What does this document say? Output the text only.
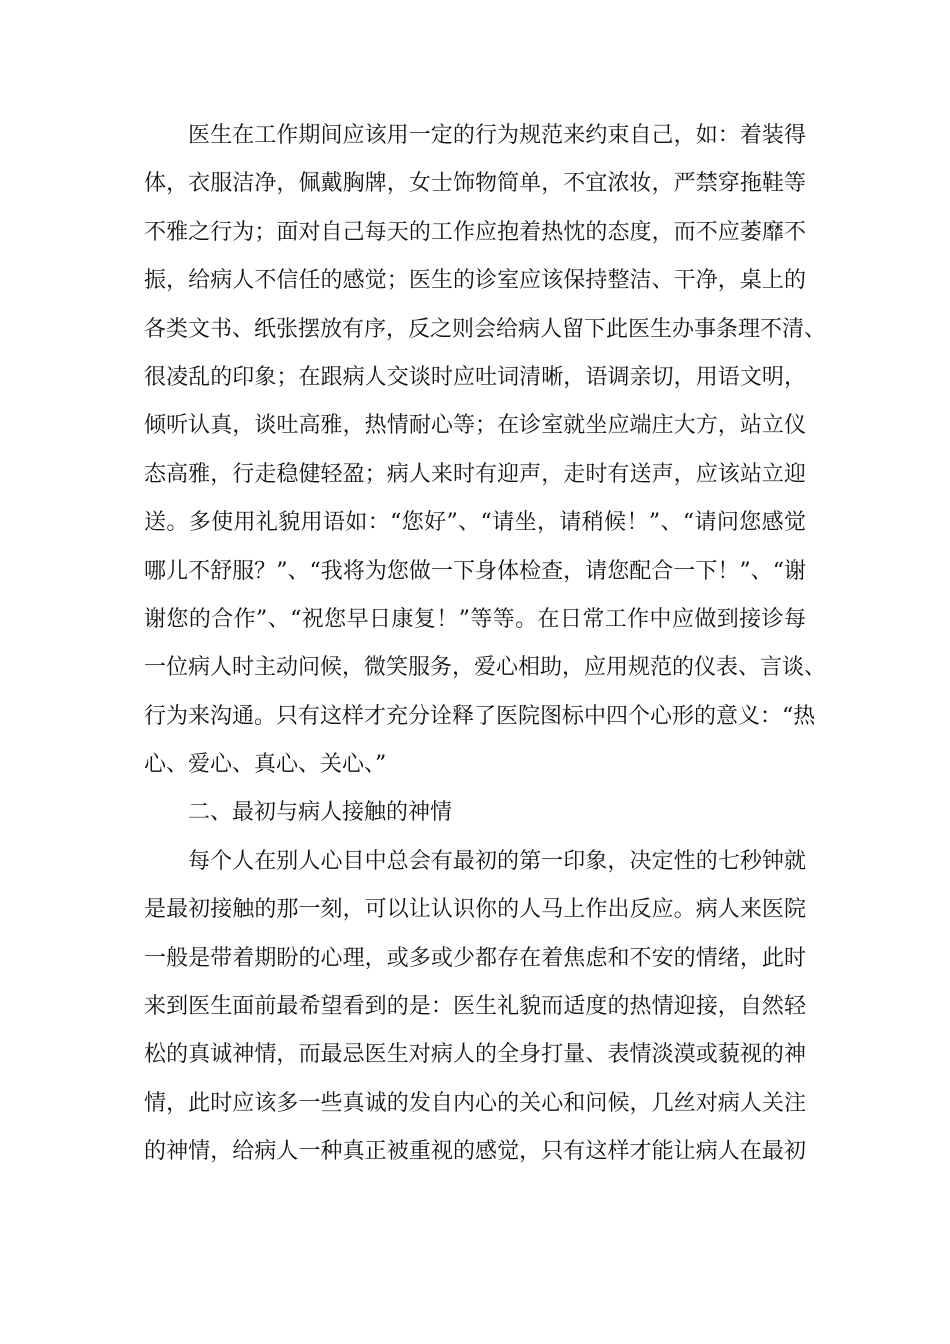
医生在工作期间应该用一定的行为规范来约束自己，如：着装得
体，衣服洁净，佩戴胸牌，女士饰物简单，不宜浓妆，严禁穿拖鞋等
不雅之行为；面对自己每天的工作应抱着热忱的态度，而不应萎靡不
振，给病人不信任的感觉；医生的诊室应该保持整洁、干净，桌上的
各类文书、纸张摆放有序，反之则会给病人留下此医生办事条理不清、
很凌乱的印象；在跟病人交谈时应吐词清晰，语调亲切，用语文明，
倾听认真，谈吐高雅，热情耐心等；在诊室就坐应端庄大方，站立仪
态高雅，行走稳健轻盈；病人来时有迎声，走时有送声，应该站立迎
送。多使用礼貌用语如：“您好”、“请坐，请稍候！”、“请问您感觉
哪儿不舒服？”、“我将为您做一下身体检查，请您配合一下！”、“谢
谢您的合作”、“祝您早日康复！”等等。在日常工作中应做到接诊每
一位病人时主动问候，微笑服务，爱心相助，应用规范的仪表、言谈、
行为来沟通。只有这样才充分诠释了医院图标中四个心形的意义：“热
心、爱心、真心、关心、”
二、最初与病人接触的神情
每个人在别人心目中总会有最初的第一印象，决定性的七秒钟就
是最初接触的那一刻，可以让认识你的人马上作出反应。病人来医院
一般是带着期盼的心理，或多或少都存在着焦虑和不安的情绪，此时
来到医生面前最希望看到的是：医生礼貌而适度的热情迎接，自然轻
松的真诚神情，而最忌医生对病人的全身打量、表情淡漠或藐视的神
情，此时应该多一些真诚的发自内心的关心和问候，几丝对病人关注
的神情，给病人一种真正被重视的感觉，只有这样才能让病人在最初
